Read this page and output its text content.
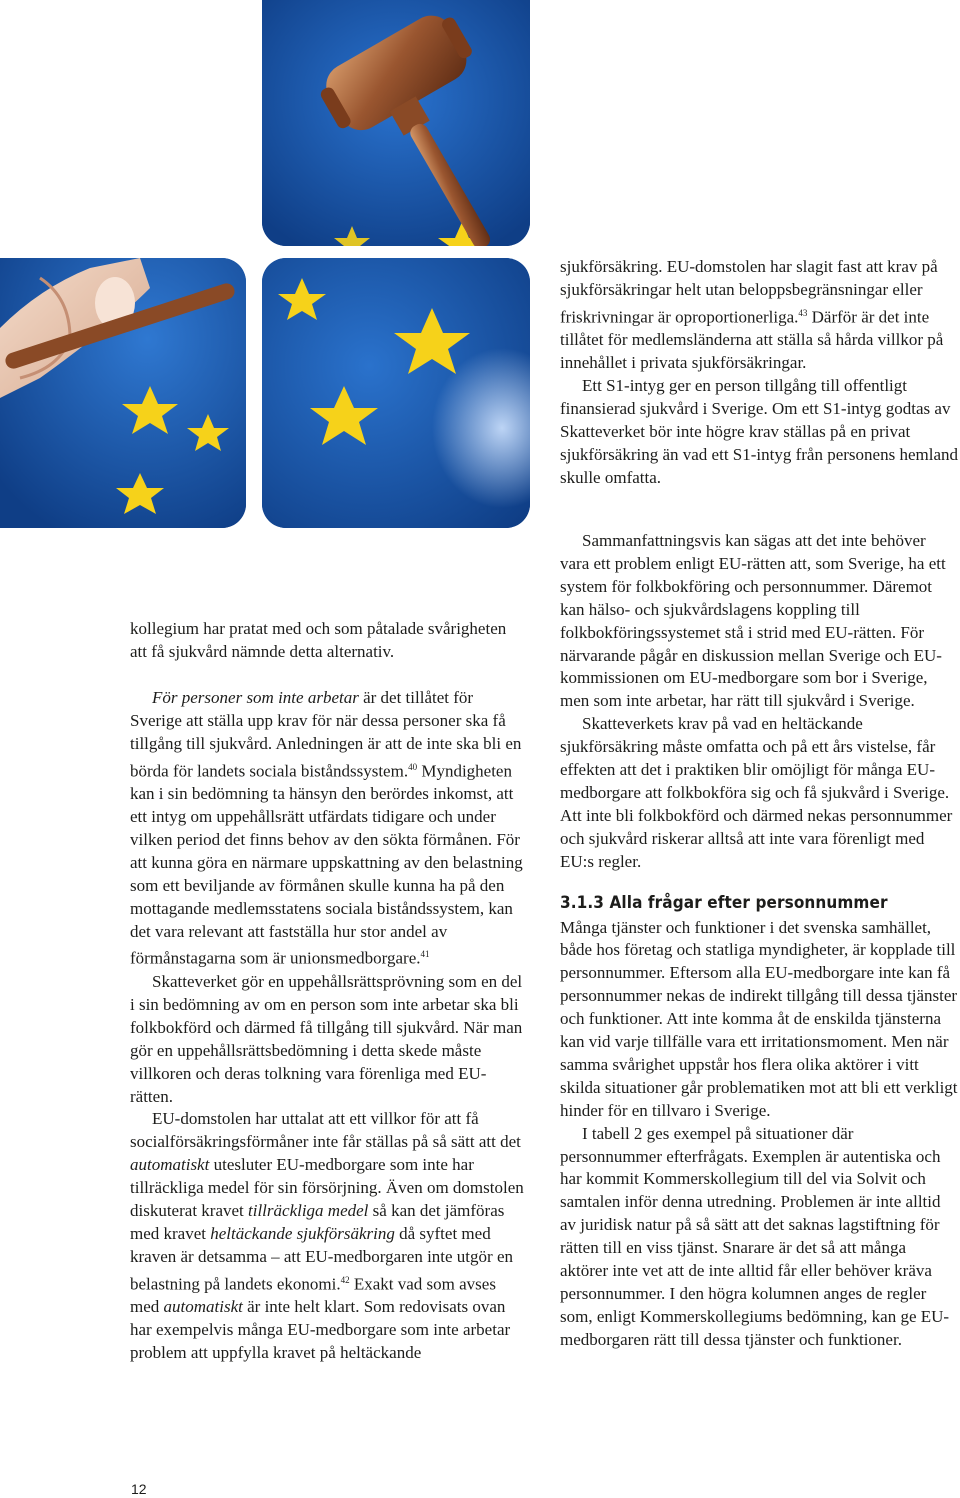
kollegium har pratat med och som påtalade svårigheten att få sjukvård nämnde detta alternativ.

För personer som inte arbetar är det tillåtet för Sverige att ställa upp krav för när dessa personer ska få tillgång till sjukvård. Anledningen är att de inte ska bli en börda för landets sociala biståndssystem.$^{40}$ Myndigheten kan i sin bedömning ta hänsyn den berördes inkomst, att ett intyg om uppehållsrätt utfärdats tidigare och under vilken period det finns behov av den sökta förmånen. För att kunna göra en närmare uppskattning av den belastning som ett beviljande av förmånen skulle kunna ha på den mottagande medlemsstatens sociala biståndssystem, kan det vara relevant att fastställa hur stor andel av förmånstagarna som är unionsmedborgare.$^{41}$

Skatteverket gör en uppehållsrättsprövning som en del i sin bedömning av om en person som inte arbetar ska bli folkbokförd och därmed få tillgång till sjukvård. När man gör en uppehållsrättsbedömning i detta skede måste villkoren och deras tolkning vara förenliga med EU-rätten.

EU-domstolen har uttalat att ett villkor för att få socialförsäkringsförmåner inte får ställas på så sätt att det automatiskt utesluter EU-medborgare som inte har tillräckliga medel för sin försörjning. Även om domstolen diskuterat kravet tillräckliga medel så kan det jämföras med kravet heltäckande sjukförsäkring då syftet med kraven är detsamma – att EU-medborgaren inte utgör en belastning på landets ekonomi.$^{42}$ Exakt vad som avses med automatiskt är inte helt klart. Som redovisats ovan har exempelvis många EU-medborgare som inte arbetar problem att uppfylla kravet på heltäckande

sjukförsäkring. EU-domstolen har slagit fast att krav på sjukförsäkringar helt utan beloppsbegränsningar eller friskrivningar är oproportionerliga.$^{43}$ Därför är det inte tillåtet för medlemsländerna att ställa så hårda villkor på innehållet i privata sjukförsäkringar.

Ett S1-intyg ger en person tillgång till offentligt finansierad sjukvård i Sverige. Om ett S1-intyg godtas av Skatteverket bör inte högre krav ställas på en privat sjukförsäkring än vad ett S1-intyg från personens hemland skulle omfatta.

Sammanfattningsvis kan sägas att det inte behöver vara ett problem enligt EU-rätten att, som Sverige, ha ett system för folkbokföring och personnummer. Däremot kan hälso- och sjukvårdslagens koppling till folkbokföringssystemet stå i strid med EU-rätten. För närvarande pågår en diskussion mellan Sverige och EU-kommissionen om EU-medborgare som bor i Sverige, men som inte arbetar, har rätt till sjukvård i Sverige.

Skatteverkets krav på vad en heltäckande sjukförsäkring måste omfatta och på ett års vistelse, får effekten att det i praktiken blir omöjligt för många EU-medborgare att folkbokföra sig och få sjukvård i Sverige. Att inte bli folkbokförd och därmed nekas personnummer och sjukvård riskerar alltså att inte vara förenligt med EU:s regler.

3.1.3 Alla frågar efter personnummer

Många tjänster och funktioner i det svenska samhället, både hos företag och statliga myndigheter, är kopplade till personnummer. Eftersom alla EU-medborgare inte kan få personnummer nekas de indirekt tillgång till dessa tjänster och funktioner. Att inte komma åt de enskilda tjänsterna kan vid varje tillfälle vara ett irritationsmoment. Men när samma svårighet uppstår hos flera olika aktörer i vitt skilda situationer går problematiken mot att bli ett verkligt hinder för en tillvaro i Sverige.

I tabell 2 ges exempel på situationer där personnummer efterfrågats. Exemplen är autentiska och har kommit Kommerskollegium till del via Solvit och samtalen inför denna utredning. Problemen är inte alltid av juridisk natur på så sätt att det saknas lagstiftning för rätten till en viss tjänst. Snarare är det så att många aktörer inte vet att de inte alltid får eller behöver kräva personnummer. I den högra kolumnen anges de regler som, enligt Kommerskollegiums bedömning, kan ge EU-medborgaren rätt till dessa tjänster och funktioner.

12
